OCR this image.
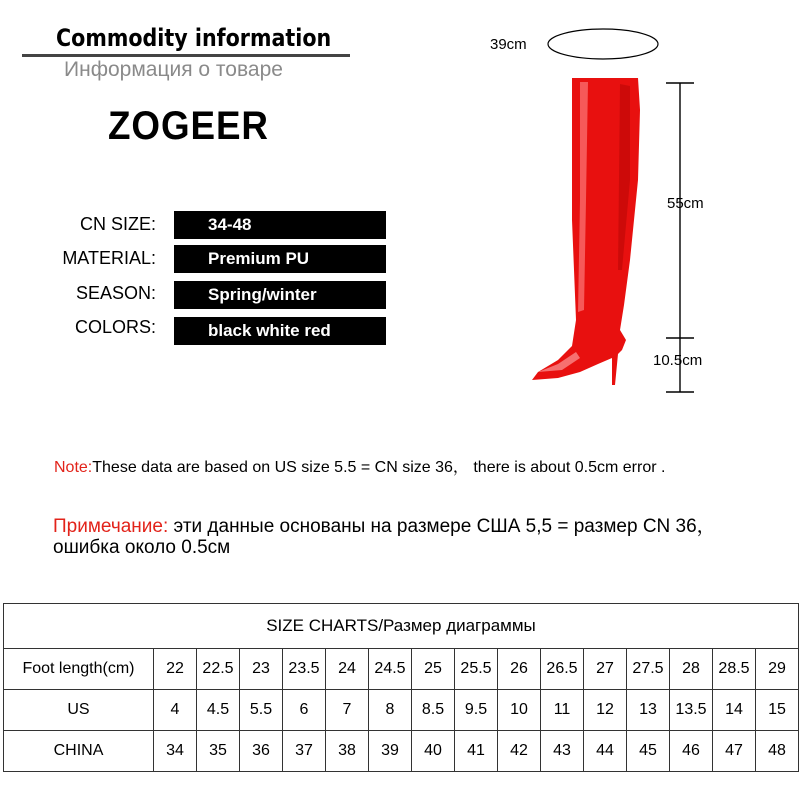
Commodity information
Информация о товаре
ZOGEER
CN SIZE:	34-48
MATERIAL:	Premium PU
SEASON:	Spring/winter
COLORS:	black white red
39cm
55cm
10.5cm
Note:These data are based on US size 5.5 = CN size 36， there is about 0.5cm error .
Примечание: эти данные основаны на размере США 5,5 = размер CN 36， ошибка около 0.5см
SIZE CHARTS/Размер диаграммы															
Foot length(cm)	22	22.5	23	23.5	24	24.5	25	25.5	26	26.5	27	27.5	28	28.5	29
US	4	4.5	5.5	6	7	8	8.5	9.5	10	11	12	13	13.5	14	15
CHINA	34	35	36	37	38	39	40	41	42	43	44	45	46	47	48
